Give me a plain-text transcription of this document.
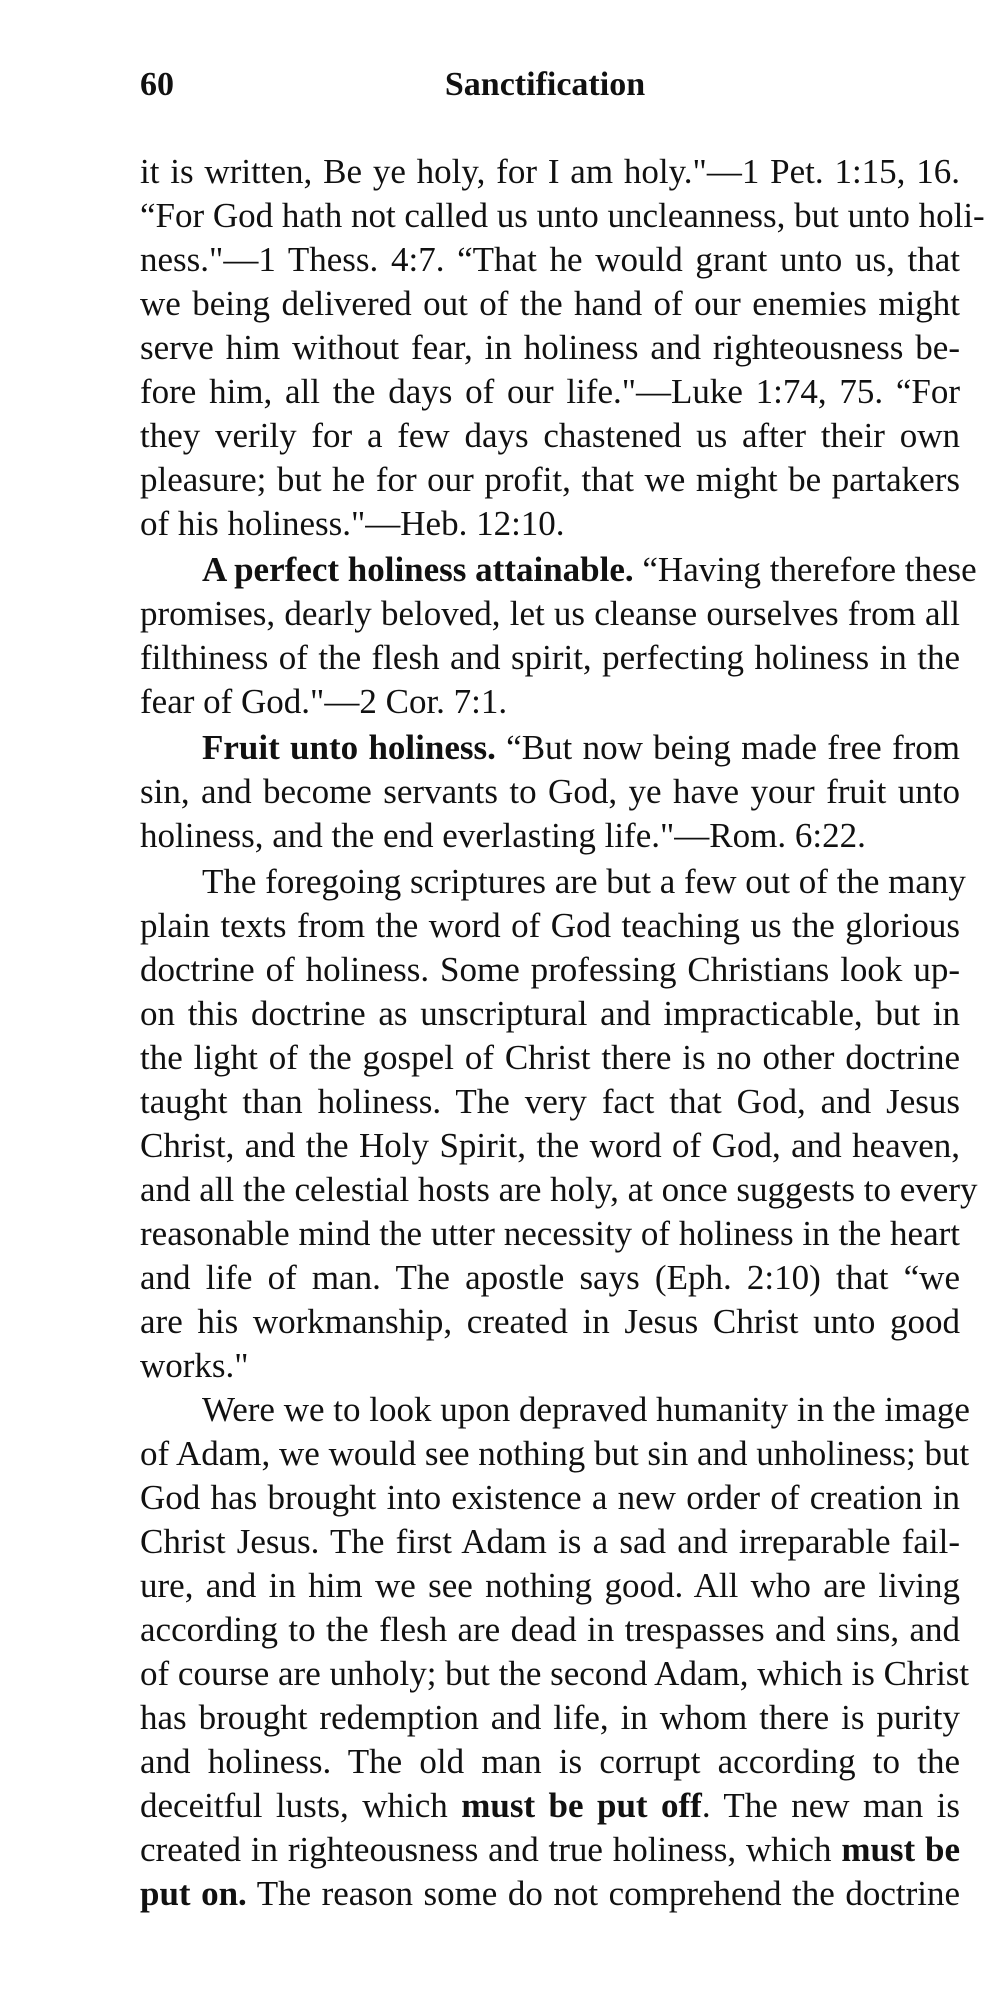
60	Sanctification
it is written, Be ye holy, for I am holy."—1 Pet. 1:15, 16.
“For God hath not called us unto uncleanness, but unto holi-
ness."—1 Thess. 4:7. “That he would grant unto us, that
we being delivered out of the hand of our enemies might
serve him without fear, in holiness and righteousness be-
fore him, all the days of our life."—Luke 1:74, 75. “For
they verily for a few days chastened us after their own
pleasure; but he for our profit, that we might be partakers
of his holiness."—Heb. 12:10.
A perfect holiness attainable. “Having therefore these
promises, dearly beloved, let us cleanse ourselves from all
filthiness of the flesh and spirit, perfecting holiness in the
fear of God."—2 Cor. 7:1.
Fruit unto holiness. “But now being made free from
sin, and become servants to God, ye have your fruit unto
holiness, and the end everlasting life."—Rom. 6:22.
The foregoing scriptures are but a few out of the many
plain texts from the word of God teaching us the glorious
doctrine of holiness. Some professing Christians look up-
on this doctrine as unscriptural and impracticable, but in
the light of the gospel of Christ there is no other doctrine
taught than holiness. The very fact that God, and Jesus
Christ, and the Holy Spirit, the word of God, and heaven,
and all the celestial hosts are holy, at once suggests to every
reasonable mind the utter necessity of holiness in the heart
and life of man. The apostle says (Eph. 2:10) that “we
are his workmanship, created in Jesus Christ unto good
works."
Were we to look upon depraved humanity in the image
of Adam, we would see nothing but sin and unholiness; but
God has brought into existence a new order of creation in
Christ Jesus. The first Adam is a sad and irreparable fail-
ure, and in him we see nothing good. All who are living
according to the flesh are dead in trespasses and sins, and
of course are unholy; but the second Adam, which is Christ
has brought redemption and life, in whom there is purity
and holiness. The old man is corrupt according to the
deceitful lusts, which must be put off. The new man is
created in righteousness and true holiness, which must be
put on. The reason some do not comprehend the doctrine
